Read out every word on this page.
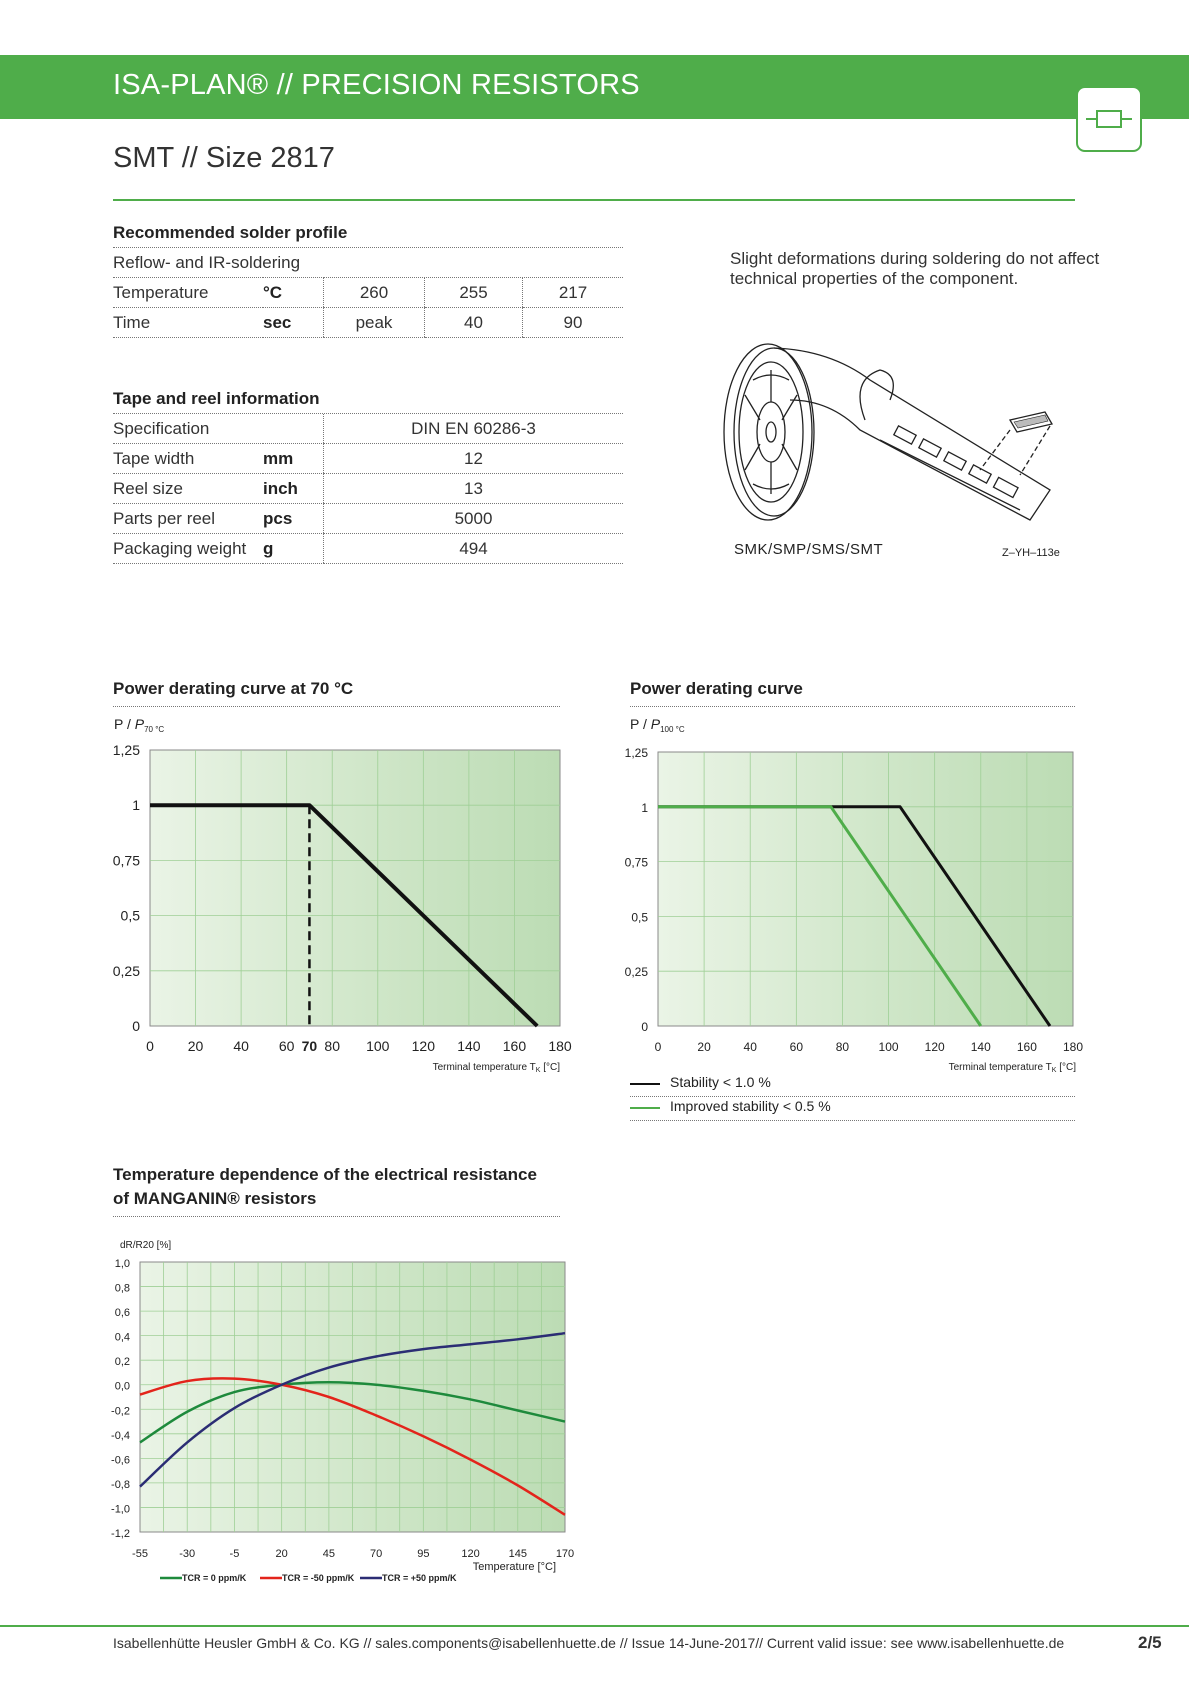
ISA-PLAN® // PRECISION RESISTORS
SMT // Size 2817
Recommended solder profile
Reflow- and IR-soldering				
Temperature	°C	260	255	217
Time	sec	peak	40	90
Slight deformations during soldering do not affect technical properties of the component.
Tape and reel information
Specification		DIN EN 60286-3
Tape width	mm	12
Reel size	inch	13
Parts per reel	pcs	5000
Packaging weight	g	494	SMK/SMP/SMS/SMT	Z–YH–113e
Power derating curve at 70 °C
0 20 40 60 70 80 100 120 140 160 180
0
0,25
0,5
0,75
1
1,25
P / $P_{70 ^\circ C}$
Terminal temperature $T_K$ [°C]
Power derating curve
0	20	40	60	80 100 120 140 160 180
0
0,25
0,5
0,75
1
1,25
P / $P_{100 ^\circ C}$
Terminal temperature $T_K$ [°C]
Temperature dependence of the electrical resistance
of MANGANIN® resistors
-55	-30	-5	20	45	70	95	120	145	170
1,0
0,8
0,6
0,4
0,2
0,0
-0,2
-0,4
-0,6
-0,8
-1,0
-1,2
dR/R20 [%]
Temperature [°C]
TCR = 0 ppm/K	TCR = -50 ppm/K	TCR = +50 ppm/K
Isabellenhütte Heusler GmbH & Co. KG // sales.components@isabellenhuette.de // Issue 14-June-2017// Current valid issue: see www.isabellenhuette.de	2/5
Stability < 1.0 %
Improved stability < 0.5 %
